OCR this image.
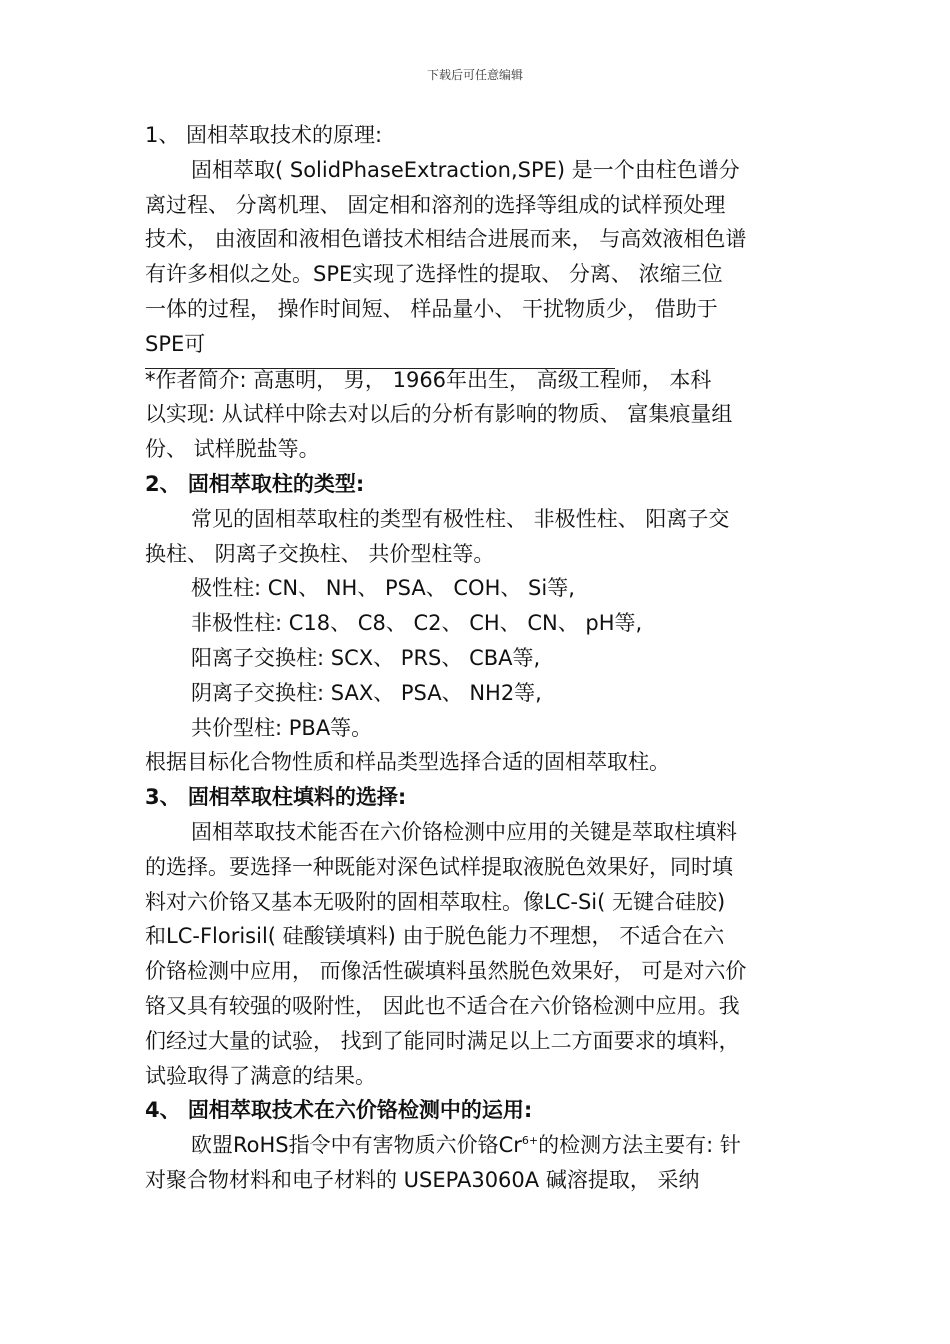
下载后可任意编辑
1、 固相萃取技术的原理:
固相萃取( SolidPhaseExtraction,SPE) 是一个由柱色谱分
离过程、 分离机理、 固定相和溶剂的选择等组成的试样预处理
技术， 由液固和液相色谱技术相结合进展而来， 与高效液相色谱
有许多相似之处。SPE实现了选择性的提取、 分离、 浓缩三位
一体的过程， 操作时间短、 样品量小、 干扰物质少， 借助于
SPE可
*作者简介: 高惠明， 男， 1966年出生， 高级工程师， 本科
以实现: 从试样中除去对以后的分析有影响的物质、 富集痕量组
份、 试样脱盐等。
2、 固相萃取柱的类型:
常见的固相萃取柱的类型有极性柱、 非极性柱、 阳离子交
换柱、 阴离子交换柱、 共价型柱等。
极性柱: CN、 NH、 PSA、 COH、 Si等,
非极性柱: C18、 C8、 C2、 CH、 CN、 pH等,
阳离子交换柱: SCX、 PRS、 CBA等,
阴离子交换柱: SAX、 PSA、 NH2等,
共价型柱: PBA等。
根据目标化合物性质和样品类型选择合适的固相萃取柱。
3、 固相萃取柱填料的选择:
固相萃取技术能否在六价铬检测中应用的关键是萃取柱填料
的选择。要选择一种既能对深色试样提取液脱色效果好，同时填
料对六价铬又基本无吸附的固相萃取柱。像LC-Si( 无键合硅胶)
和LC-Florisil( 硅酸镁填料) 由于脱色能力不理想， 不适合在六
价铬检测中应用， 而像活性碳填料虽然脱色效果好， 可是对六价
铬又具有较强的吸附性， 因此也不适合在六价铬检测中应用。我
们经过大量的试验， 找到了能同时满足以上二方面要求的填料，
试验取得了满意的结果。
4、 固相萃取技术在六价铬检测中的运用:
欧盟RoHS指令中有害物质六价铬$Cr^{6+}$的检测方法主要有: 针
对聚合物材料和电子材料的 USEPA3060A 碱溶提取， 采纳
